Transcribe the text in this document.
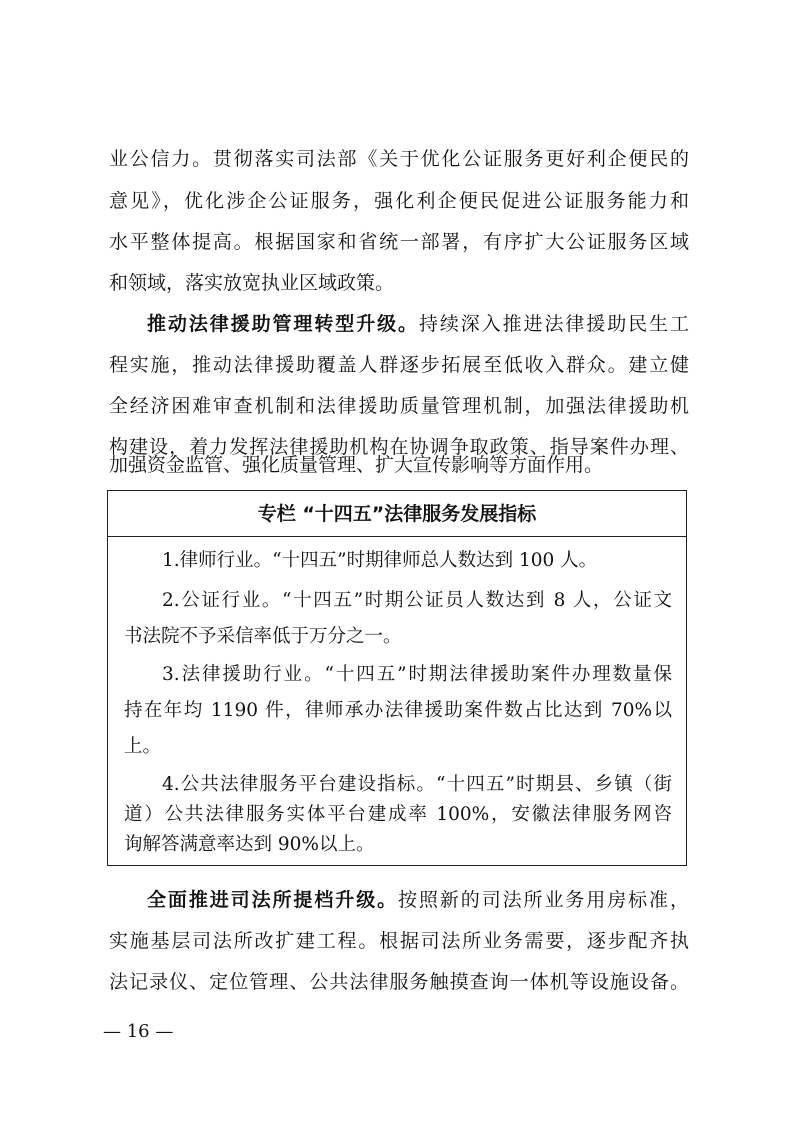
业公信力。贯彻落实司法部《关于优化公证服务更好利企便民的
意见》，优化涉企公证服务，强化利企便民促进公证服务能力和
水平整体提高。根据国家和省统一部署，有序扩大公证服务区域
和领域，落实放宽执业区域政策。
推动法律援助管理转型升级。持续深入推进法律援助民生工
程实施，推动法律援助覆盖人群逐步拓展至低收入群众。建立健
全经济困难审查机制和法律援助质量管理机制，加强法律援助机
构建设，着力发挥法律援助机构在协调争取政策、指导案件办理、
加强资金监管、强化质量管理、扩大宣传影响等方面作用。
专栏 “十四五”法律服务发展指标
1.律师行业。“十四五”时期律师总人数达到 100 人。
2.公证行业。“十四五”时期公证员人数达到 8 人，公证文
书法院不予采信率低于万分之一。
3.法律援助行业。“十四五”时期法律援助案件办理数量保
持在年均 1190 件，律师承办法律援助案件数占比达到 70%以
上。
4.公共法律服务平台建设指标。“十四五”时期县、乡镇（街
道）公共法律服务实体平台建成率 100%，安徽法律服务网咨
询解答满意率达到 90%以上。
全面推进司法所提档升级。按照新的司法所业务用房标准，
实施基层司法所改扩建工程。根据司法所业务需要，逐步配齐执
法记录仪、定位管理、公共法律服务触摸查询一体机等设施设备。
— 16 —
